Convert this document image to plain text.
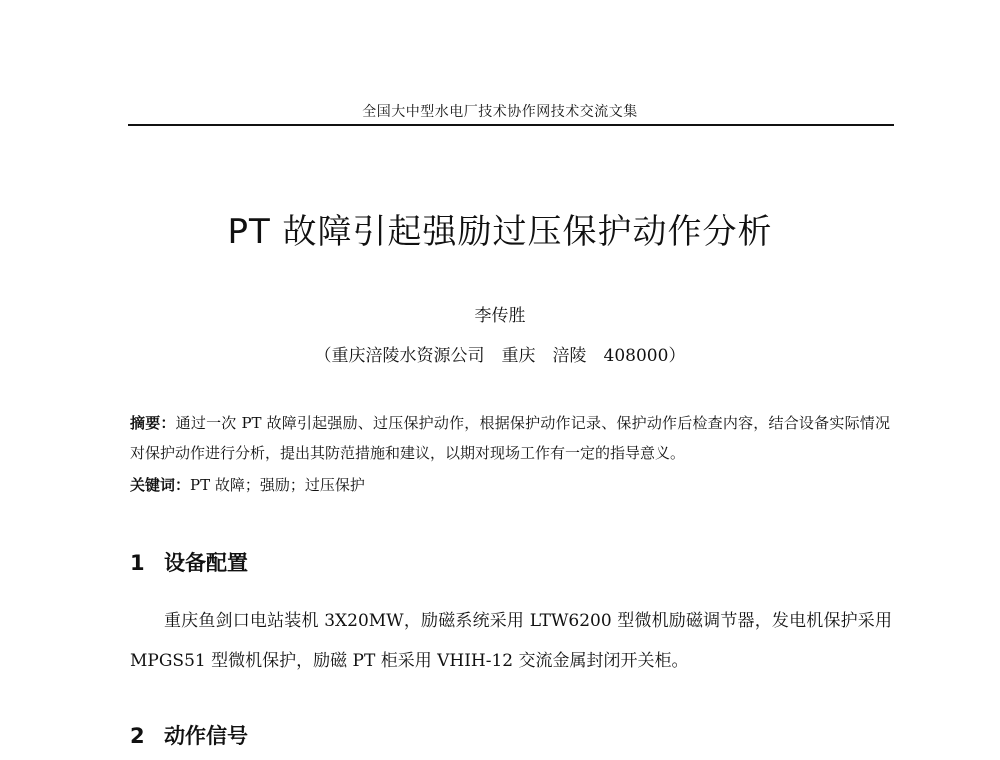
全国大中型水电厂技术协作网技术交流文集
PT 故障引起强励过压保护动作分析
李传胜
（重庆涪陵水资源公司　重庆　涪陵　408000）
摘要：通过一次 PT 故障引起强励、过压保护动作，根据保护动作记录、保护动作后检查内容，结合设备实际情况对保护动作进行分析，提出其防范措施和建议，以期对现场工作有一定的指导意义。
关键词：PT 故障；强励；过压保护
1 设备配置

重庆鱼剑口电站装机 3X20MW，励磁系统采用 LTW6200 型微机励磁调节器，发电机保护采用 MPGS51 型微机保护，励磁 PT 柜采用 VHIH-12 交流金属封闭开关柜。

2 动作信号
